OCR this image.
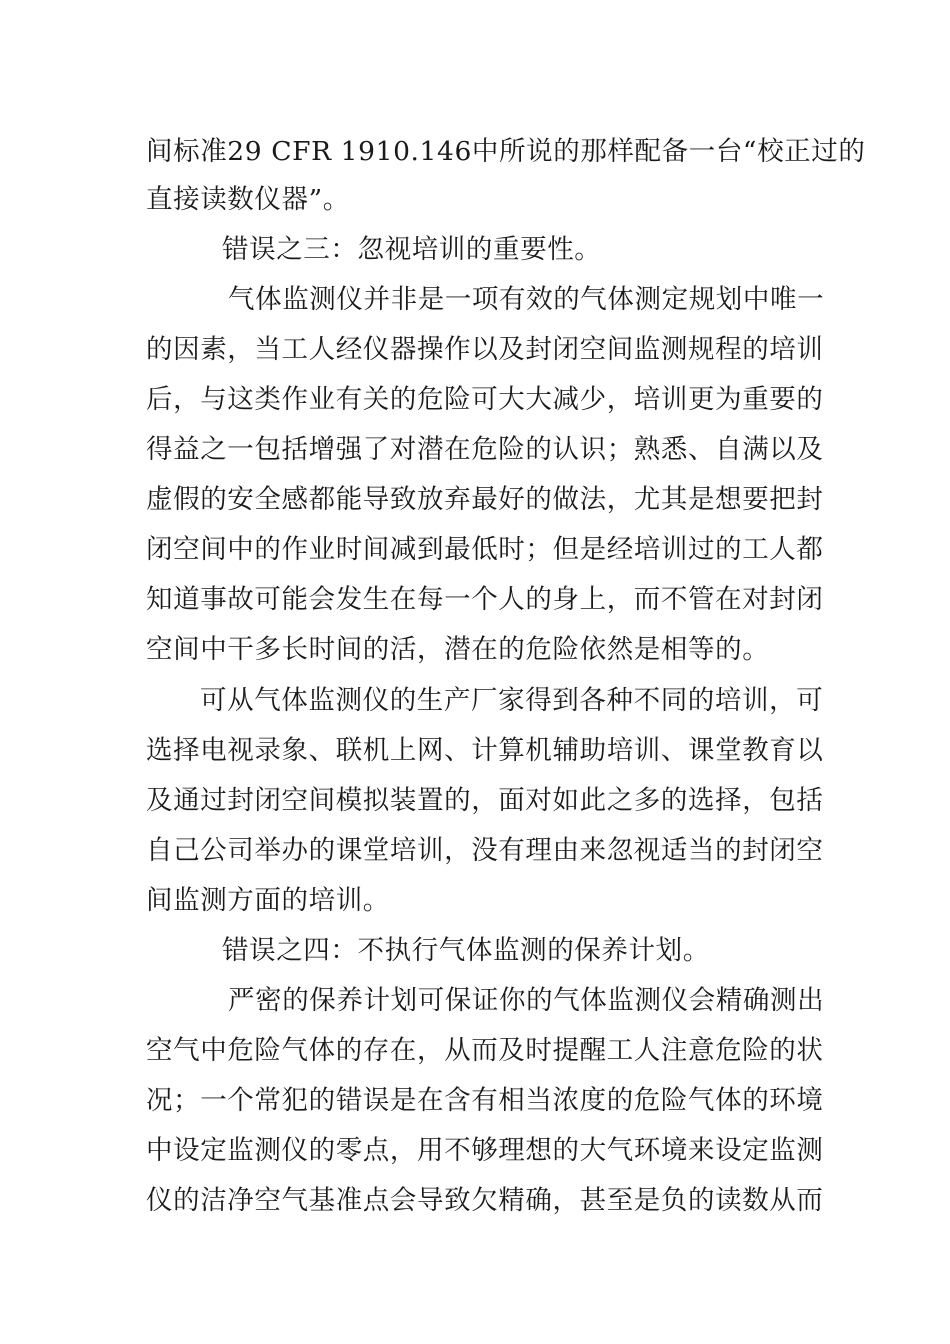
间标准29 CFR 1910.146中所说的那样配备一台“校正过的
直接读数仪器”。
错误之三：忽视培训的重要性。
气体监测仪并非是一项有效的气体测定规划中唯一
的因素，当工人经仪器操作以及封闭空间监测规程的培训
后，与这类作业有关的危险可大大减少，培训更为重要的
得益之一包括增强了对潜在危险的认识；熟悉、自满以及
虚假的安全感都能导致放弃最好的做法，尤其是想要把封
闭空间中的作业时间减到最低时；但是经培训过的工人都
知道事故可能会发生在每一个人的身上，而不管在对封闭
空间中干多长时间的活，潜在的危险依然是相等的。
可从气体监测仪的生产厂家得到各种不同的培训，可
选择电视录象、联机上网、计算机辅助培训、课堂教育以
及通过封闭空间模拟装置的，面对如此之多的选择，包括
自己公司举办的课堂培训，没有理由来忽视适当的封闭空
间监测方面的培训。
错误之四：不执行气体监测的保养计划。
严密的保养计划可保证你的气体监测仪会精确测出
空气中危险气体的存在，从而及时提醒工人注意危险的状
况；一个常犯的错误是在含有相当浓度的危险气体的环境
中设定监测仪的零点，用不够理想的大气环境来设定监测
仪的洁净空气基准点会导致欠精确，甚至是负的读数从而
